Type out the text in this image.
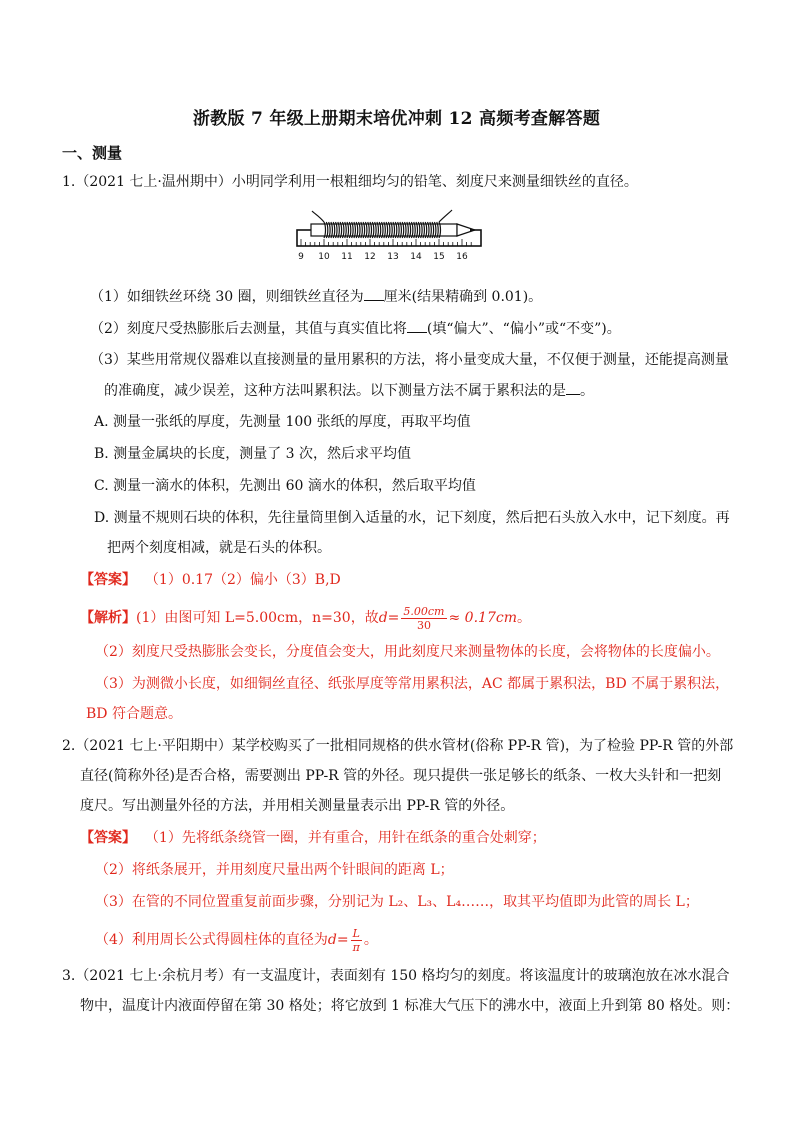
浙教版 7 年级上册期末培优冲刺 12 高频考查解答题
一、测量
1.（2021 七上·温州期中）小明同学利用一根粗细均匀的铅笔、刻度尺来测量细铁丝的直径。
9 10 11 12 13 14 15 16
（1）如细铁丝环绕 30 圈，则细铁丝直径为 厘米(结果精确到 0.01)。
（2）刻度尺受热膨胀后去测量，其值与真实值比将 (填“偏大”、“偏小”或“不变”)。
（3）某些用常规仪器难以直接测量的量用累积的方法，将小量变成大量，不仅便于测量，还能提高测量
的准确度，减少误差，这种方法叫累积法。以下测量方法不属于累积法的是 。
A. 测量一张纸的厚度，先测量 100 张纸的厚度，再取平均值
B. 测量金属块的长度，测量了 3 次，然后求平均值
C. 测量一滴水的体积，先测出 60 滴水的体积，然后取平均值
D. 测量不规则石块的体积，先往量筒里倒入适量的水，记下刻度，然后把石头放入水中，记下刻度。再
把两个刻度相减，就是石头的体积。
【答案】 （1）0.17（2）偏小（3）B,D
【解析】(1）由图可知 L=5.00cm，n=30，故$d= \frac{5.00cm}{30} \approx 0.17cm$。
（2）刻度尺受热膨胀会变长，分度值会变大，用此刻度尺来测量物体的长度，会将物体的长度偏小。
（3）为测微小长度，如细铜丝直径、纸张厚度等常用累积法，AC 都属于累积法，BD 不属于累积法，
BD 符合题意。
2.（2021 七上·平阳期中）某学校购买了一批相同规格的供水管材(俗称 PP-R 管)，为了检验 PP-R 管的外部
直径(简称外径)是否合格，需要测出 PP-R 管的外径。现只提供一张足够长的纸条、一枚大头针和一把刻
度尺。写出测量外径的方法，并用相关测量量表示出 PP-R 管的外径。
【答案】 （1）先将纸条绕管一圈，并有重合，用针在纸条的重合处刺穿；
（2）将纸条展开，并用刻度尺量出两个针眼间的距离 L；
（3）在管的不同位置重复前面步骤，分别记为 L₂、L₃、L₄……，取其平均值即为此管的周长 L；
（4）利用周长公式得圆柱体的直径为$d= \frac{L}{\pi}$ 。
3.（2021 七上·余杭月考）有一支温度计，表面刻有 150 格均匀的刻度。将该温度计的玻璃泡放在冰水混合
物中，温度计内液面停留在第 30 格处；将它放到 1 标准大气压下的沸水中，液面上升到第 80 格处。则：
